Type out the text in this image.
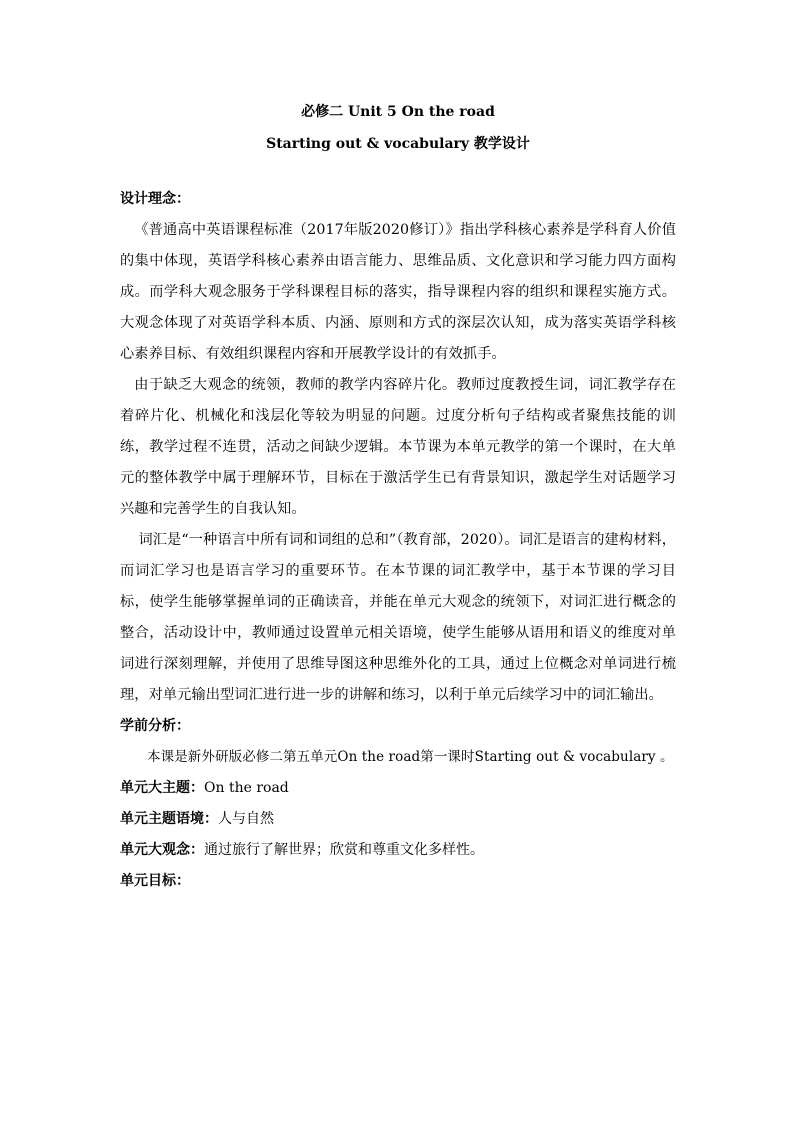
必修二 Unit 5 On the road

Starting out & vocabulary 教学设计

设计理念：

《普通高中英语课程标准（2017年版2020修订）》指出学科核心素养是学科育人价值的集中体现，英语学科核心素养由语言能力、思维品质、文化意识和学习能力四方面构成。而学科大观念服务于学科课程目标的落实，指导课程内容的组织和课程实施方式。大观念体现了对英语学科本质、内涵、原则和方式的深层次认知，成为落实英语学科核心素养目标、有效组织课程内容和开展教学设计的有效抓手。

由于缺乏大观念的统领，教师的教学内容碎片化。教师过度教授生词，词汇教学存在着碎片化、机械化和浅层化等较为明显的问题。过度分析句子结构或者聚焦技能的训练，教学过程不连贯，活动之间缺少逻辑。本节课为本单元教学的第一个课时，在大单元的整体教学中属于理解环节，目标在于激活学生已有背景知识，激起学生对话题学习兴趣和完善学生的自我认知。

词汇是“一种语言中所有词和词组的总和”（教育部，2020）。词汇是语言的建构材料，而词汇学习也是语言学习的重要环节。在本节课的词汇教学中，基于本节课的学习目标，使学生能够掌握单词的正确读音，并能在单元大观念的统领下，对词汇进行概念的整合，活动设计中，教师通过设置单元相关语境，使学生能够从语用和语义的维度对单词进行深刻理解，并使用了思维导图这种思维外化的工具，通过上位概念对单词进行梳理，对单元输出型词汇进行进一步的讲解和练习，以利于单元后续学习中的词汇输出。

学前分析：

本课是新外研版必修二第五单元On the road第一课时Starting out & vocabulary 。

单元大主题：On the road

单元主题语境：人与自然

单元大观念：通过旅行了解世界；欣赏和尊重文化多样性。

单元目标：
